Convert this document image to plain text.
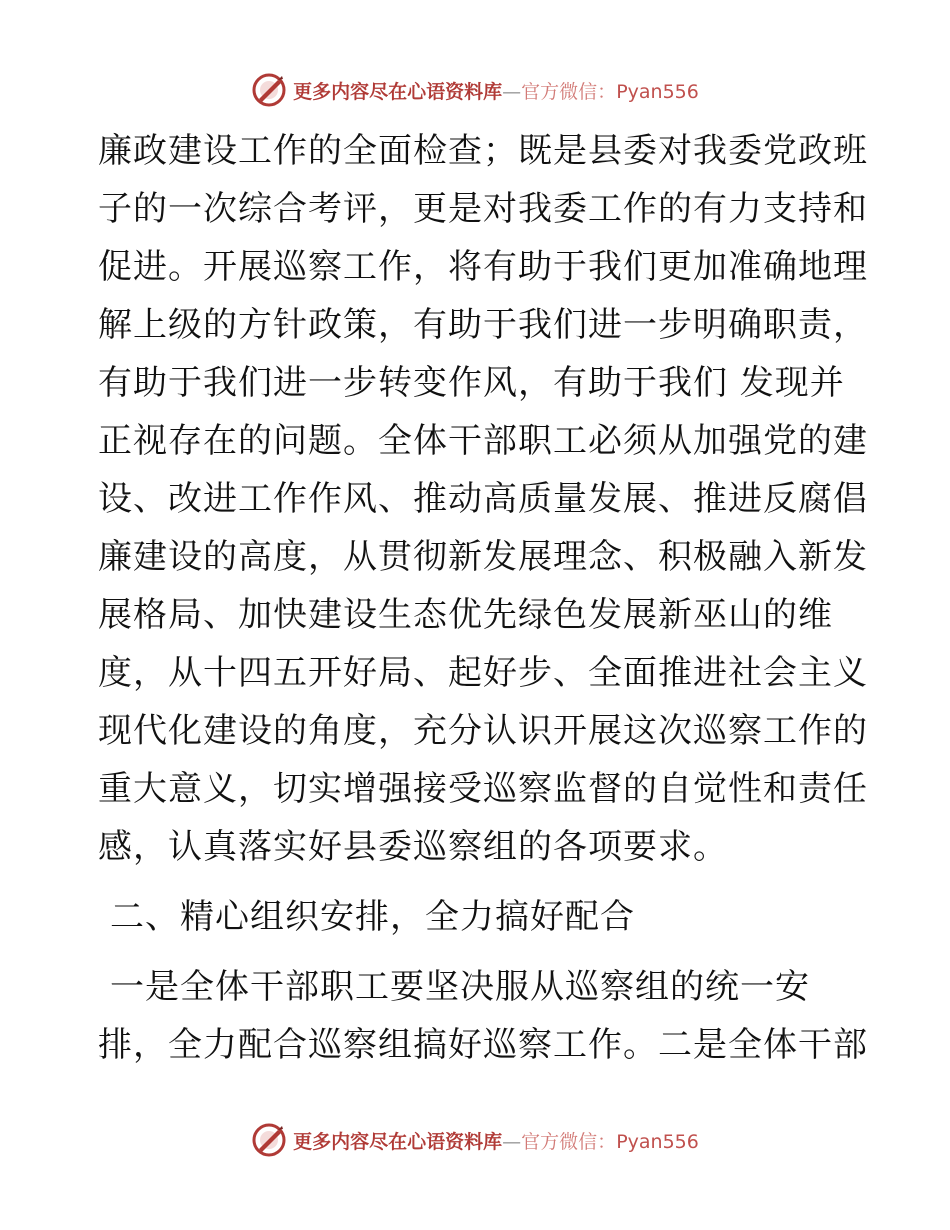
更多内容尽在心语资料库—官方微信：Pyan556
廉政建设工作的全面检查；既是县委对我委党政班
子的一次综合考评，更是对我委工作的有力支持和
促进。开展巡察工作，将有助于我们更加准确地理
解上级的方针政策，有助于我们进一步明确职责，
有助于我们进一步转变作风，有助于我们 发现并
正视存在的问题。全体干部职工必须从加强党的建
设、改进工作作风、推动高质量发展、推进反腐倡
廉建设的高度，从贯彻新发展理念、积极融入新发
展格局、加快建设生态优先绿色发展新巫山的维
度，从十四五开好局、起好步、全面推进社会主义
现代化建设的角度，充分认识开展这次巡察工作的
重大意义，切实增强接受巡察监督的自觉性和责任
感，认真落实好县委巡察组的各项要求。
二、精心组织安排，全力搞好配合
一是全体干部职工要坚决服从巡察组的统一安
排，全力配合巡察组搞好巡察工作。二是全体干部
更多内容尽在心语资料库—官方微信：Pyan556
